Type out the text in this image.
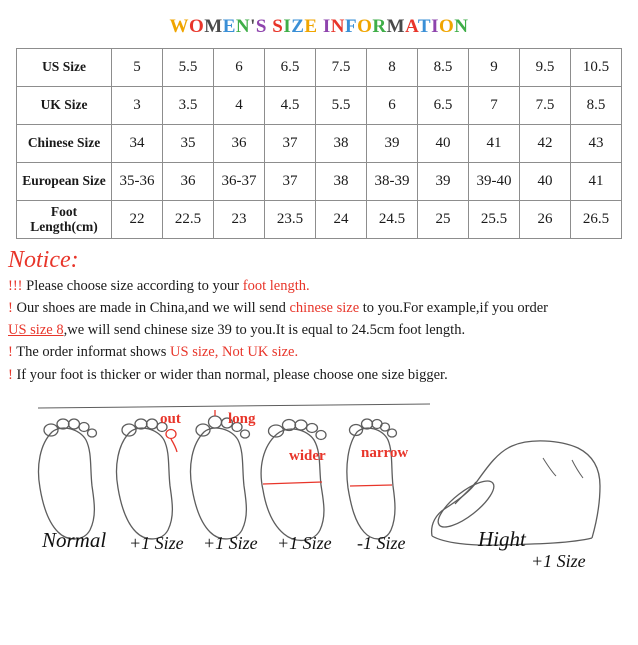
WOMEN'S SIZE INFORMATION
US Size	5	5.5	6	6.5	7.5	8	8.5	9	9.5	10.5
UK Size	3	3.5	4	4.5	5.5	6	6.5	7	7.5	8.5
Chinese Size	34	35	36	37	38	39	40	41	42	43
European Size	35-36	36	36-37	37	38	38-39	39	39-40	40	41
Foot Length(cm)	22	22.5	23	23.5	24	24.5	25	25.5	26	26.5
Notice:
!!! Please choose size according to your foot length.
! Our shoes are made in China,and we will send chinese size to you.For example,if you order
US size 8,we will send chinese size 39 to you.It is equal to 24.5cm foot length.
! The order informat shows US size, Not UK size.
! If your foot is thicker or wider than normal, please choose one size bigger.
out	long
wider narrow
Normal +1 Size +1 Size +1 Size -1 Size	Hight
+1 Size
